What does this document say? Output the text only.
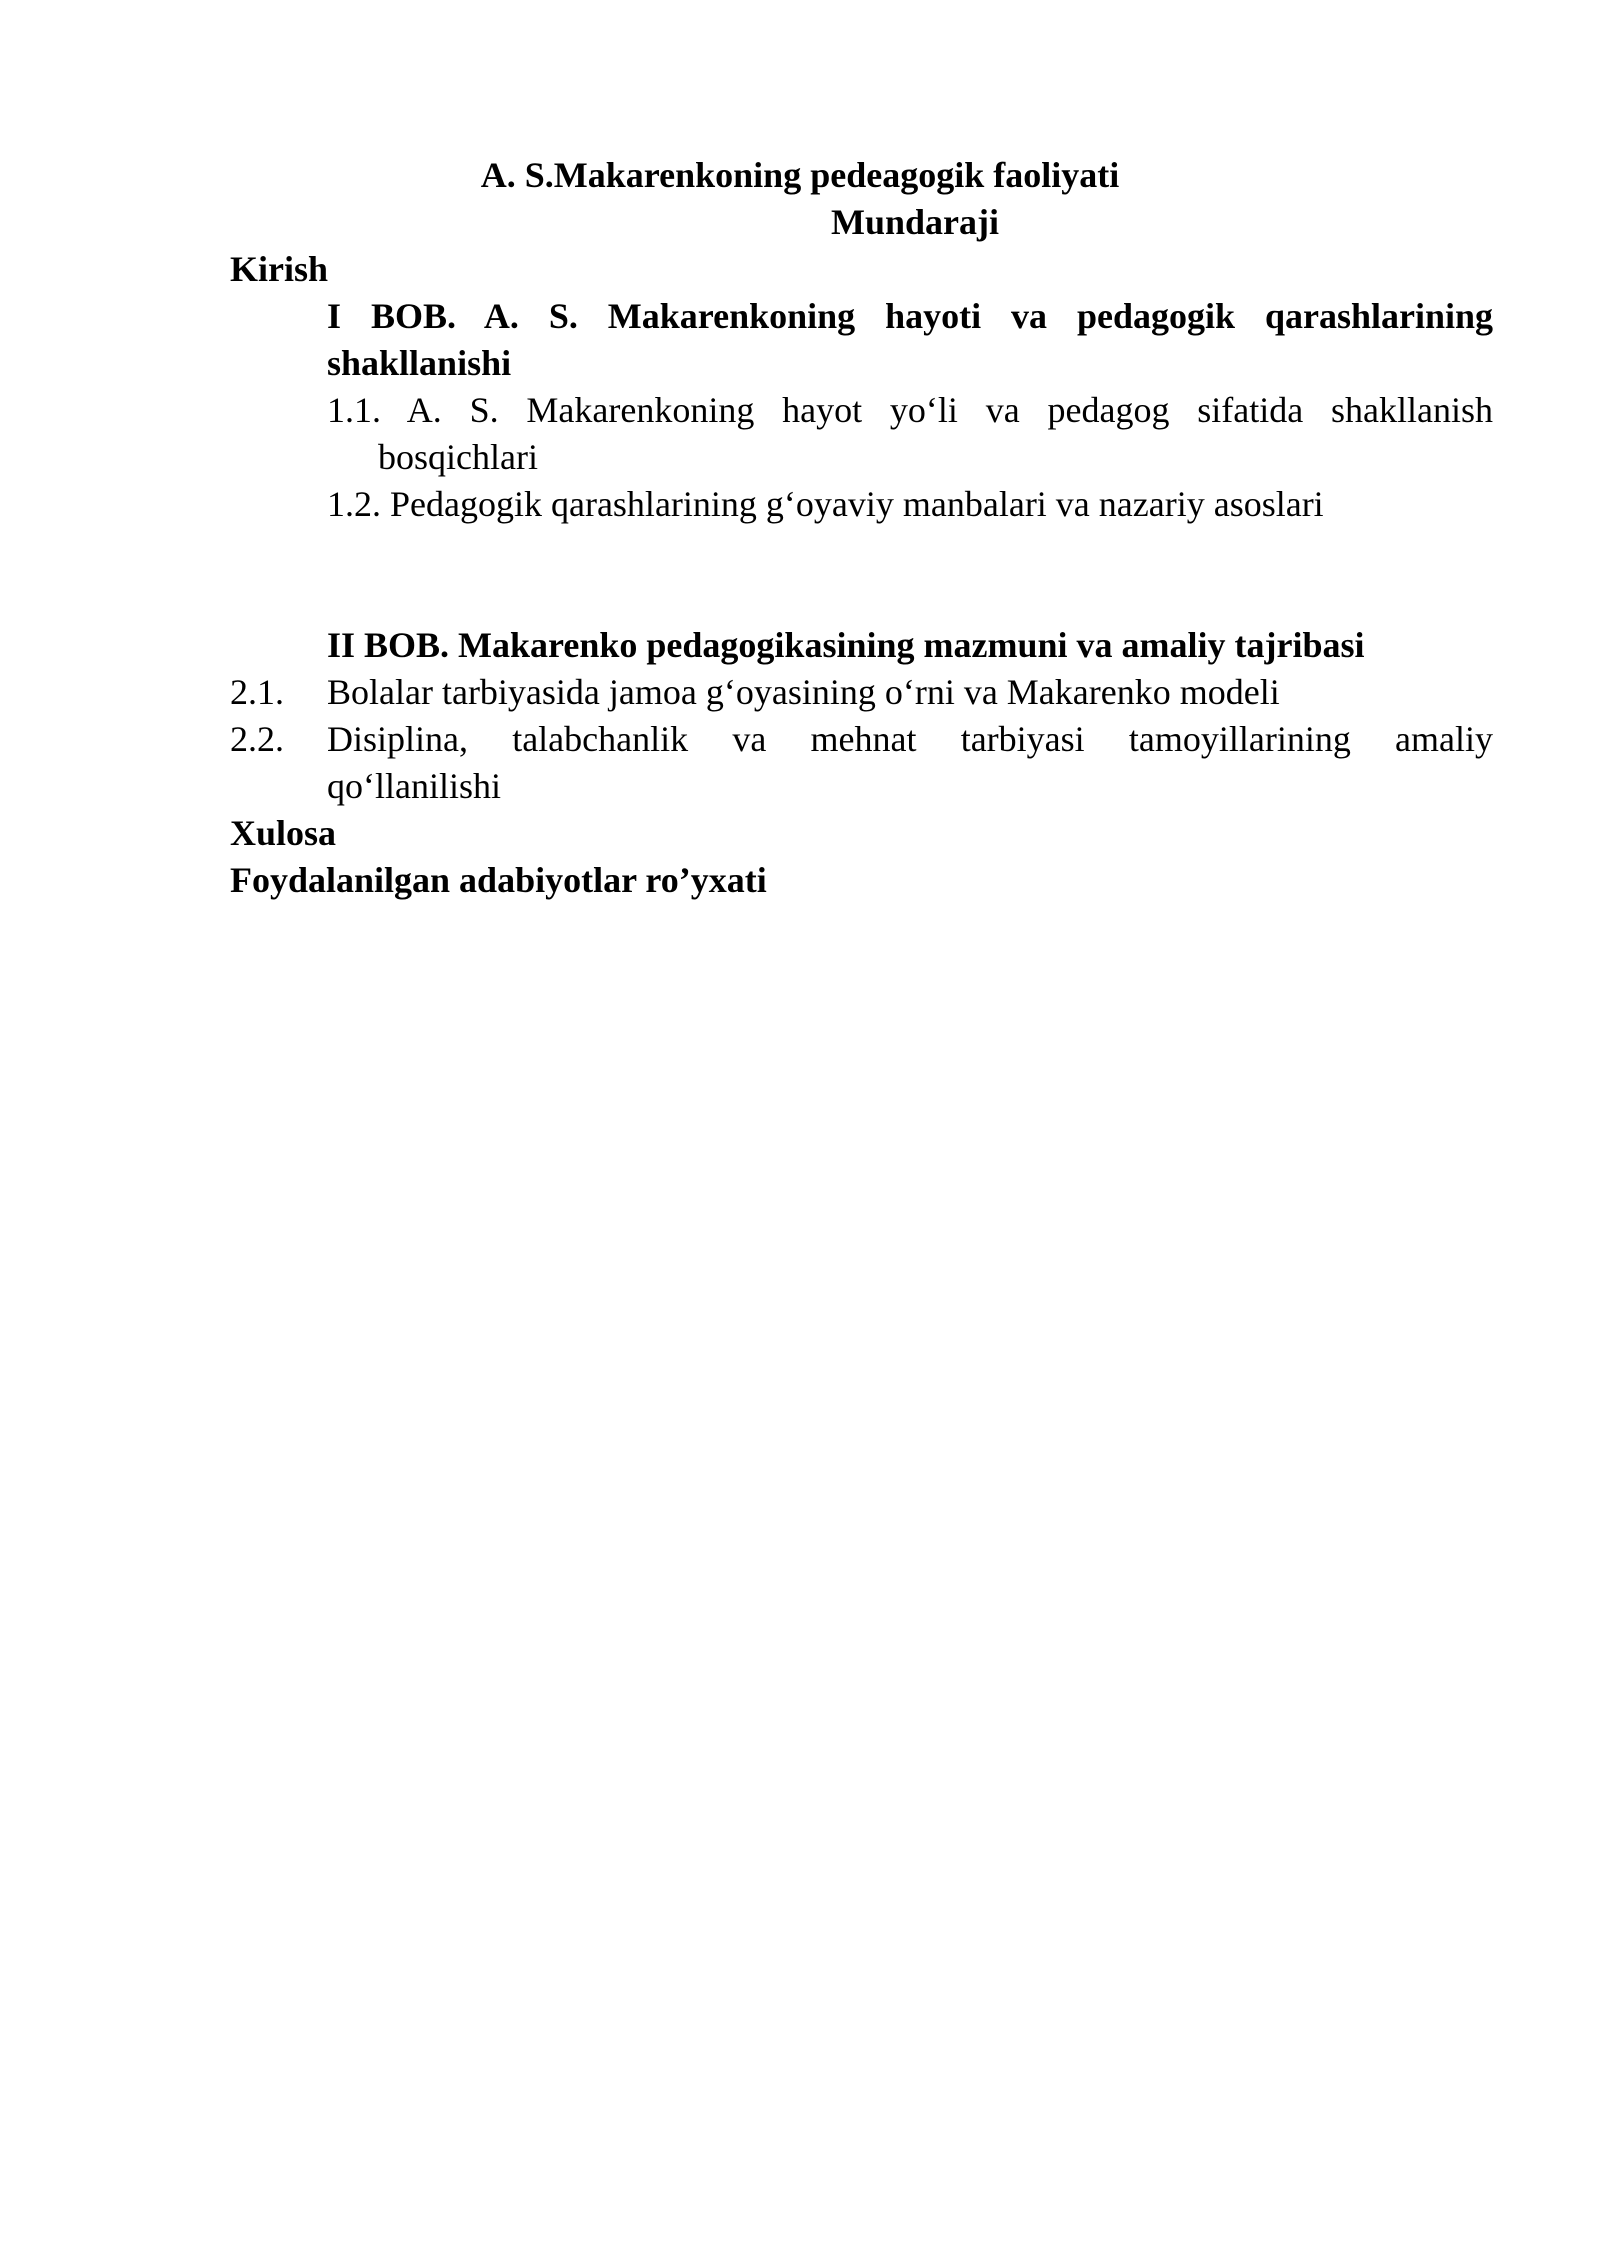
A. S.Makarenkoning pedeagogik faoliyati
Mundaraji
Kirish
I BOB. A. S. Makarenkoning hayoti va pedagogik qarashlarining
shakllanishi
1.1. A. S. Makarenkoning hayot yo‘li va pedagog sifatida shakllanish
bosqichlari
1.2. Pedagogik qarashlarining g‘oyaviy manbalari va nazariy asoslari
II BOB. Makarenko pedagogikasining mazmuni va amaliy tajribasi
2.1. Bolalar tarbiyasida jamoa g‘oyasining o‘rni va Makarenko modeli
2.2. Disiplina, talabchanlik va mehnat tarbiyasi tamoyillarining amaliy
qo‘llanilishi
Xulosa
Foydalanilgan adabiyotlar ro’yxati
